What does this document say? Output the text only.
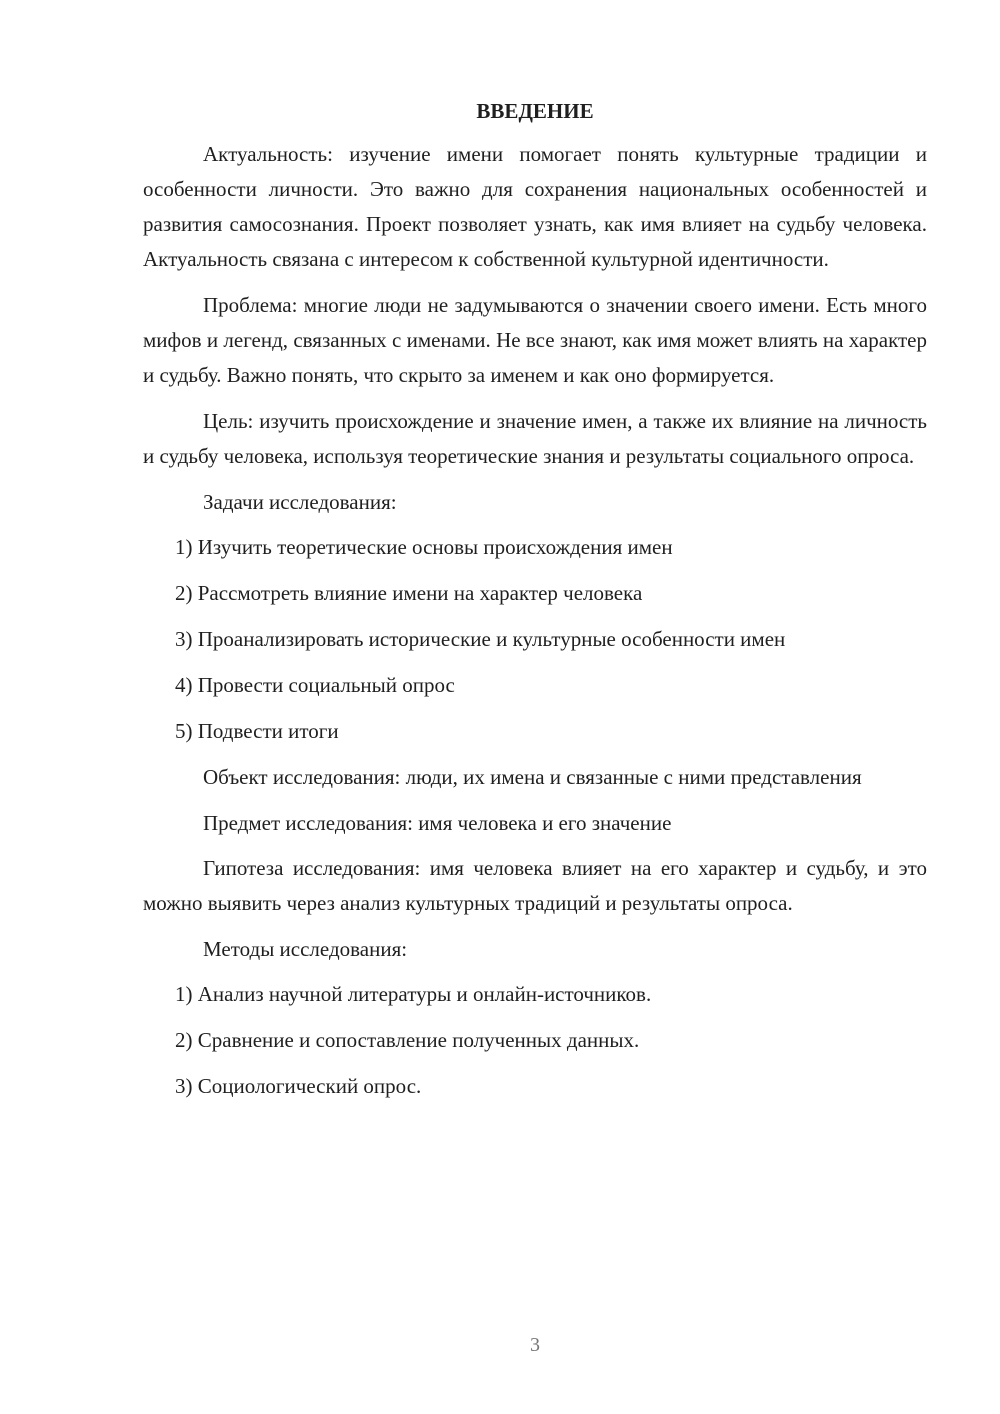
ВВЕДЕНИЕ

Актуальность: изучение имени помогает понять культурные традиции и особенности личности. Это важно для сохранения национальных особенностей и развития самосознания. Проект позволяет узнать, как имя влияет на судьбу человека. Актуальность связана с интересом к собственной культурной идентичности.

Проблема: многие люди не задумываются о значении своего имени. Есть много мифов и легенд, связанных с именами. Не все знают, как имя может влиять на характер и судьбу. Важно понять, что скрыто за именем и как оно формируется.

Цель: изучить происхождение и значение имен, а также их влияние на личность и судьбу человека, используя теоретические знания и результаты социального опроса.

Задачи исследования:

1) Изучить теоретические основы происхождения имен
2) Рассмотреть влияние имени на характер человека
3) Проанализировать исторические и культурные особенности имен
4) Провести социальный опрос
5) Подвести итоги

Объект исследования: люди, их имена и связанные с ними представления

Предмет исследования: имя человека и его значение

Гипотеза исследования: имя человека влияет на его характер и судьбу, и это можно выявить через анализ культурных традиций и результаты опроса.

Методы исследования:

1) Анализ научной литературы и онлайн-источников.
2) Сравнение и сопоставление полученных данных.
3) Социологический опрос.
3
